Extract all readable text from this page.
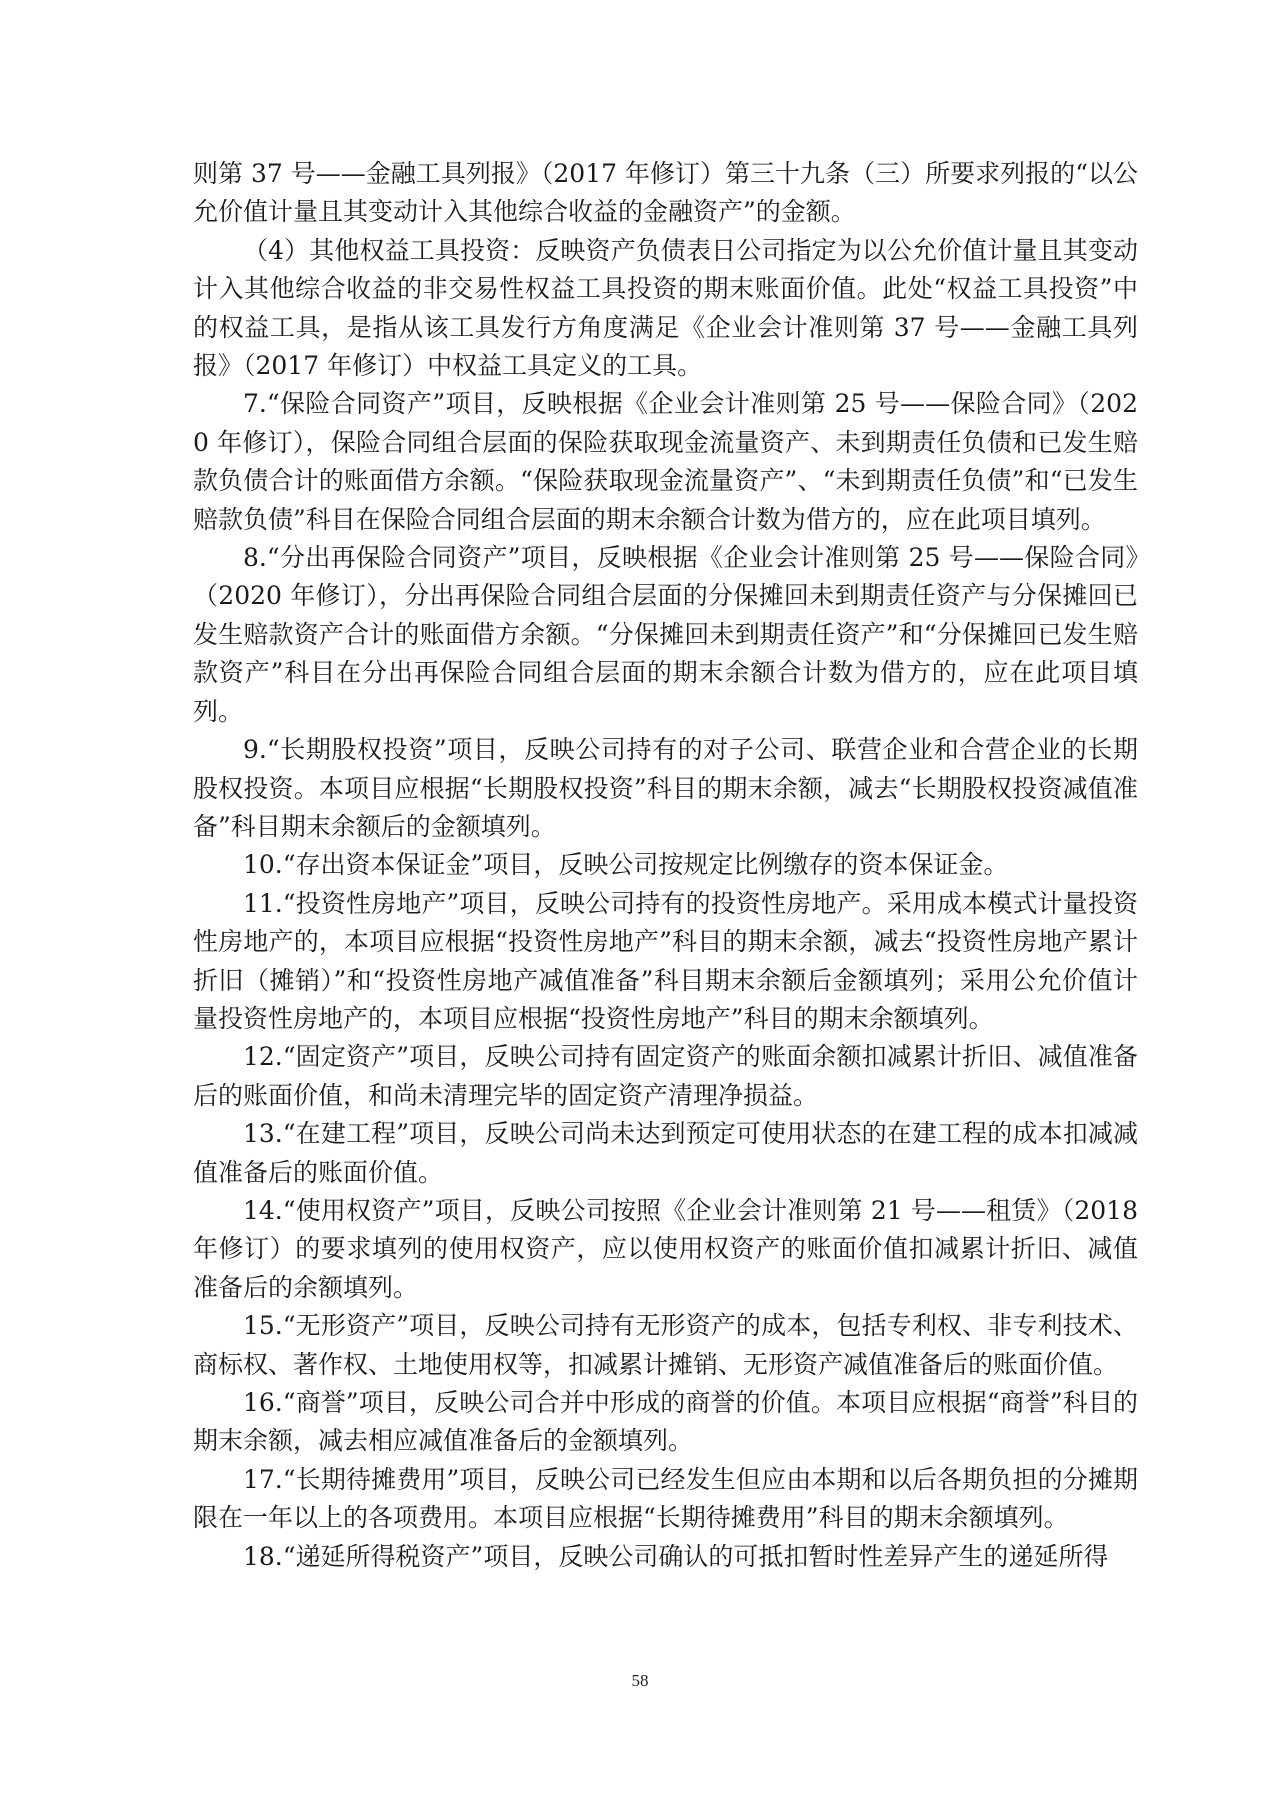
则第 37 号——金融工具列报》（2017 年修订）第三十九条（三）所要求列报的“以公允价值计量且其变动计入其他综合收益的金融资产”的金额。

（4）其他权益工具投资：反映资产负债表日公司指定为以公允价值计量且其变动计入其他综合收益的非交易性权益工具投资的期末账面价值。此处“权益工具投资”中的权益工具，是指从该工具发行方角度满足《企业会计准则第 37 号——金融工具列报》（2017 年修订）中权益工具定义的工具。

7.“保险合同资产”项目，反映根据《企业会计准则第 25 号——保险合同》（2020 年修订），保险合同组合层面的保险获取现金流量资产、未到期责任负债和已发生赔款负债合计的账面借方余额。“保险获取现金流量资产”、“未到期责任负债”和“已发生赔款负债”科目在保险合同组合层面的期末余额合计数为借方的，应在此项目填列。

8.“分出再保险合同资产”项目，反映根据《企业会计准则第 25 号——保险合同》（2020 年修订），分出再保险合同组合层面的分保摊回未到期责任资产与分保摊回已发生赔款资产合计的账面借方余额。“分保摊回未到期责任资产”和“分保摊回已发生赔款资产”科目在分出再保险合同组合层面的期末余额合计数为借方的，应在此项目填列。

9.“长期股权投资”项目，反映公司持有的对子公司、联营企业和合营企业的长期股权投资。本项目应根据“长期股权投资”科目的期末余额，减去“长期股权投资减值准备”科目期末余额后的金额填列。

10.“存出资本保证金”项目，反映公司按规定比例缴存的资本保证金。

11.“投资性房地产”项目，反映公司持有的投资性房地产。采用成本模式计量投资性房地产的，本项目应根据“投资性房地产”科目的期末余额，减去“投资性房地产累计折旧（摊销）”和“投资性房地产减值准备”科目期末余额后金额填列；采用公允价值计量投资性房地产的，本项目应根据“投资性房地产”科目的期末余额填列。

12.“固定资产”项目，反映公司持有固定资产的账面余额扣减累计折旧、减值准备后的账面价值，和尚未清理完毕的固定资产清理净损益。

13.“在建工程”项目，反映公司尚未达到预定可使用状态的在建工程的成本扣减减值准备后的账面价值。

14.“使用权资产”项目，反映公司按照《企业会计准则第 21 号——租赁》（2018 年修订）的要求填列的使用权资产，应以使用权资产的账面价值扣减累计折旧、减值准备后的余额填列。

15.“无形资产”项目，反映公司持有无形资产的成本，包括专利权、非专利技术、商标权、著作权、土地使用权等，扣减累计摊销、无形资产减值准备后的账面价值。

16.“商誉”项目，反映公司合并中形成的商誉的价值。本项目应根据“商誉”科目的期末余额，减去相应减值准备后的金额填列。

17.“长期待摊费用”项目，反映公司已经发生但应由本期和以后各期负担的分摊期限在一年以上的各项费用。本项目应根据“长期待摊费用”科目的期末余额填列。

18.“递延所得税资产”项目，反映公司确认的可抵扣暂时性差异产生的递延所得

58
